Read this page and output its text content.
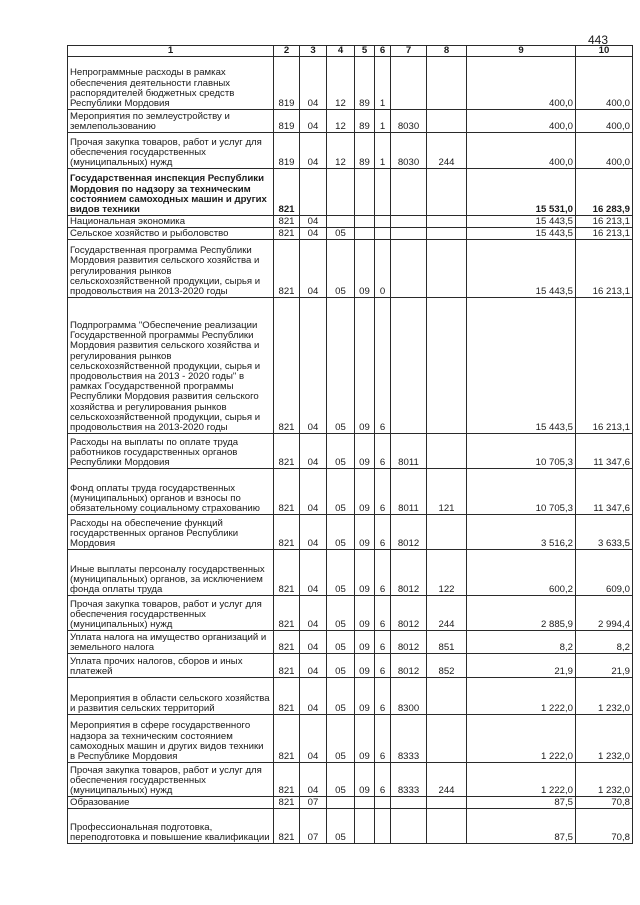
443
1	2	3	4	5	6	7	8	9	10
Непрограммные расходы в рамках обеспечения деятельности главных распорядителей бюджетных средств Республики Мордовия	819	04	12	89	1			400,0	400,0
Мероприятия по землеустройству и землепользованию	819	04	12	89	1	8030		400,0	400,0
Прочая закупка товаров, работ и услуг для обеспечения государственных (муниципальных) нужд	819	04	12	89	1	8030	244	400,0	400,0
Государственная инспекция Республики Мордовия по надзору за техническим состоянием самоходных машин и других видов техники	821							15 531,0	16 283,9
Национальная экономика	821	04						15 443,5	16 213,1
Сельское хозяйство и рыболовство	821	04	05					15 443,5	16 213,1
Государственная программа Республики Мордовия развития сельского хозяйства и регулирования рынков сельскохозяйственной продукции, сырья и продовольствия на 2013-2020 годы	821	04	05	09	0			15 443,5	16 213,1
Подпрограмма "Обеспечение реализации Государственной программы Республики Мордовия развития сельского хозяйства и регулирования рынков сельскохозяйственной продукции, сырья и продовольствия на 2013 - 2020 годы" в рамках Государственной программы Республики Мордовия развития сельского хозяйства и регулирования рынков сельскохозяйственной продукции, сырья и продовольствия на 2013-2020 годы	821	04	05	09	6			15 443,5	16 213,1
Расходы на выплаты по оплате труда работников государственных органов Республики Мордовия	821	04	05	09	6	8011		10 705,3	11 347,6
Фонд оплаты труда государственных (муниципальных) органов и взносы по обязательному социальному страхованию	821	04	05	09	6	8011	121	10 705,3	11 347,6
Расходы на обеспечение функций государственных органов Республики Мордовия	821	04	05	09	6	8012		3 516,2	3 633,5
Иные выплаты персоналу государственных (муниципальных) органов, за исключением фонда оплаты труда	821	04	05	09	6	8012	122	600,2	609,0
Прочая закупка товаров, работ и услуг для обеспечения государственных (муниципальных) нужд	821	04	05	09	6	8012	244	2 885,9	2 994,4
Уплата налога на имущество организаций и земельного налога	821	04	05	09	6	8012	851	8,2	8,2
Уплата прочих налогов, сборов и иных платежей	821	04	05	09	6	8012	852	21,9	21,9
Мероприятия в области сельского хозяйства и развития сельских территорий	821	04	05	09	6	8300		1 222,0	1 232,0
Мероприятия в сфере государственного надзора за техническим состоянием самоходных машин и других видов техники в Республике Мордовия	821	04	05	09	6	8333		1 222,0	1 232,0
Прочая закупка товаров, работ и услуг для обеспечения государственных (муниципальных) нужд	821	04	05	09	6	8333	244	1 222,0	1 232,0
Образование	821	07						87,5	70,8
Профессиональная подготовка, переподготовка и повышение квалификации	821	07	05					87,5	70,8
